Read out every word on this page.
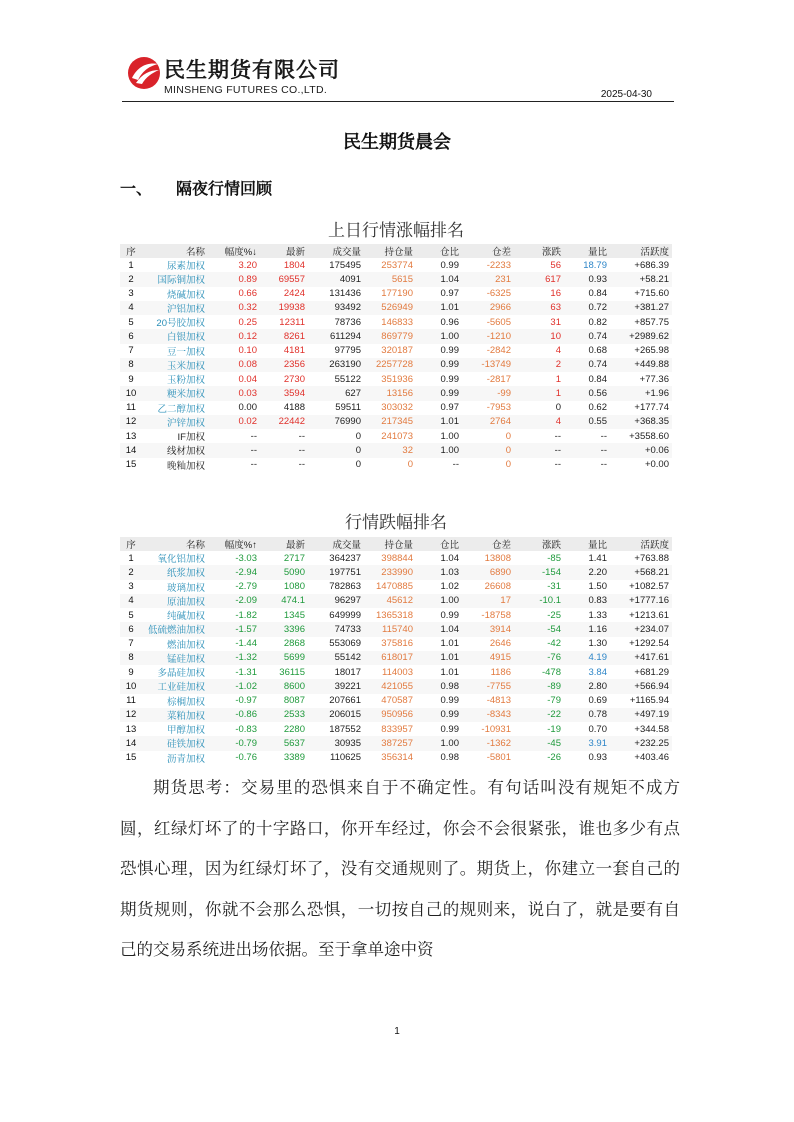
民生期货有限公司
MINSHENG FUTURES CO.,LTD.	2025-04-30
民生期货晨会
一、 隔夜行情回顾
上日行情涨幅排名
序	名称	幅度%↓	最新	成交量	持仓量	仓比	仓差	涨跌	量比	活跃度
1	尿素加权	3.20	1804	175495	253774	0.99	-2233	56	18.79	+686.39
2	国际铜加权	0.89	69557	4091	5615	1.04	231	617	0.93	+58.21
3	烧碱加权	0.66	2424	131436	177190	0.97	-6325	16	0.84	+715.60
4	沪铝加权	0.32	19938	93492	526949	1.01	2966	63	0.72	+381.27
5	20号胶加权	0.25	12311	78736	146833	0.96	-5605	31	0.82	+857.75
6	白银加权	0.12	8261	611294	869779	1.00	-1210	10	0.74	+2989.62
7	豆一加权	0.10	4181	97795	320187	0.99	-2842	4	0.68	+265.98
8	玉米加权	0.08	2356	263190	2257728	0.99	-13749	2	0.74	+449.88
9	玉粉加权	0.04	2730	55122	351936	0.99	-2817	1	0.84	+77.36
10	粳米加权	0.03	3594	627	13156	0.99	-99	1	0.56	+1.96
11	乙二醇加权	0.00	4188	59511	303032	0.97	-7953	0	0.62	+177.74
12	沪锌加权	0.02	22442	76990	217345	1.01	2764	4	0.55	+368.35
13	IF加权	--	--	0	241073	1.00	0	--	--	+3558.60
14	线材加权	--	--	0	32	1.00	0	--	--	+0.06
15	晚籼加权	--	--	0	0	--	0	--	--	+0.00
行情跌幅排名
序	名称	幅度%↑	最新	成交量	持仓量	仓比	仓差	涨跌	量比	活跃度
1	氧化铝加权	-3.03	2717	364237	398844	1.04	13808	-85	1.41	+763.88
2	纸浆加权	-2.94	5090	197751	233990	1.03	6890	-154	2.20	+568.21
3	玻璃加权	-2.79	1080	782863	1470885	1.02	26608	-31	1.50	+1082.57
4	原油加权	-2.09	474.1	96297	45612	1.00	17	-10.1	0.83	+1777.16
5	纯碱加权	-1.82	1345	649999	1365318	0.99	-18758	-25	1.33	+1213.61
6	低硫燃油加权	-1.57	3396	74733	115740	1.04	3914	-54	1.16	+234.07
7	燃油加权	-1.44	2868	553069	375816	1.01	2646	-42	1.30	+1292.54
8	锰硅加权	-1.32	5699	55142	618017	1.01	4915	-76	4.19	+417.61
9	多晶硅加权	-1.31	36115	18017	114003	1.01	1186	-478	3.84	+681.29
10	工业硅加权	-1.02	8600	39221	421055	0.98	-7755	-89	2.80	+566.94
11	棕榈加权	-0.97	8087	207661	470587	0.99	-4813	-79	0.69	+1165.94
12	菜粕加权	-0.86	2533	206015	950956	0.99	-8343	-22	0.78	+497.19
13	甲醇加权	-0.83	2280	187552	833957	0.99	-10931	-19	0.70	+344.58
14	硅铁加权	-0.79	5637	30935	387257	1.00	-1362	-45	3.91	+232.25
15	沥青加权	-0.76	3389	110625	356314	0.98	-5801	-26	0.93	+403.46

期货思考：交易里的恐惧来自于不确定性。有句话叫没有规矩不成方圆，红绿灯坏了的十字路口，你开车经过，你会不会很紧张，谁也多少有点恐惧心理，因为红绿灯坏了，没有交通规则了。期货上，你建立一套自己的期货规则，你就不会那么恐惧，一切按自己的规则来，说白了，就是要有自己的交易系统进出场依据。至于拿单途中资

1
